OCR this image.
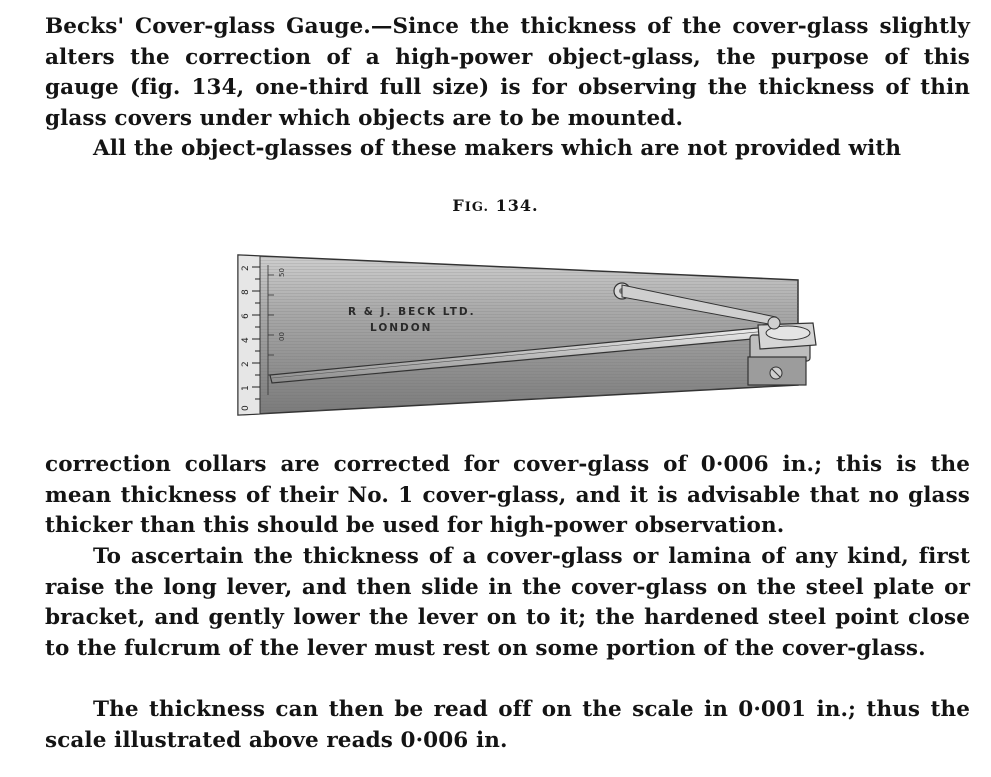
Becks' Cover-glass Gauge.—Since the thickness of the cover-glass slightly alters the correction of a high-power object-glass, the purpose of this gauge (fig. 134, one-third full size) is for observing the thickness of thin glass covers under which objects are to be mounted.

All the object-glasses of these makers which are not provided with

FIG. 134.
2
8
6
4
2
1
0
50
00
R & J. BECK LTD.
LONDON

correction collars are corrected for cover-glass of 0·006 in.; this is the mean thickness of their No. 1 cover-glass, and it is advisable that no glass thicker than this should be used for high-power observation.

To ascertain the thickness of a cover-glass or lamina of any kind, first raise the long lever, and then slide in the cover-glass on the steel plate or bracket, and gently lower the lever on to it; the hardened steel point close to the fulcrum of the lever must rest on some portion of the cover-glass.

The thickness can then be read off on the scale in 0·001 in.; thus the scale illustrated above reads 0·006 in.
